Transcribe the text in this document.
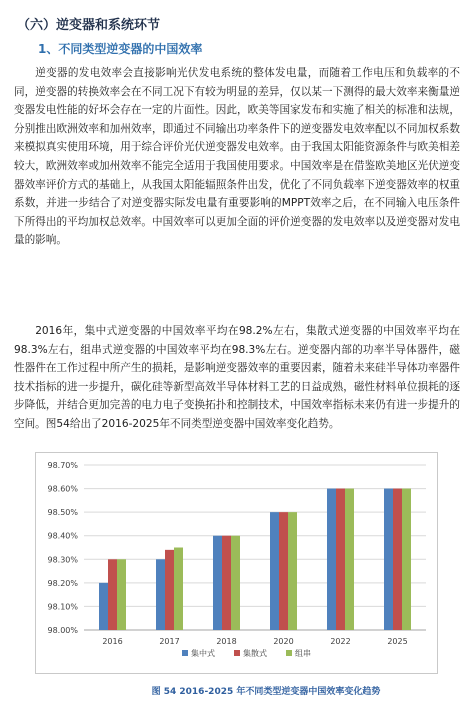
（六）逆变器和系统环节
1、不同类型逆变器的中国效率

逆变器的发电效率会直接影响光伏发电系统的整体发电量，而随着工作电压和负载率的不同，逆变器的转换效率会在不同工况下有较为明显的差异，仅以某一下测得的最大效率来衡量逆变器发电性能的好坏会存在一定的片面性。因此，欧美等国家发布和实施了相关的标准和法规，分别推出欧洲效率和加州效率，即通过不同输出功率条件下的逆变器发电效率配以不同加权系数来模拟真实使用环境，用于综合评价光伏逆变器发电效率。由于我国太阳能资源条件与欧美相差较大，欧洲效率或加州效率不能完全适用于我国使用要求。中国效率是在借鉴欧美地区光伏逆变器效率评价方式的基础上，从我国太阳能辐照条件出发，优化了不同负载率下逆变器效率的权重系数，并进一步结合了对逆变器实际发电量有重要影响的MPPT效率之后，在不同输入电压条件下所得出的平均加权总效率。中国效率可以更加全面的评价逆变器的发电效率以及逆变器对发电量的影响。

2016年，集中式逆变器的中国效率平均在98.2%左右，集散式逆变器的中国效率平均在98.3%左右，组串式逆变器的中国效率平均在98.3%左右。逆变器内部的功率半导体器件，磁性器件在工作过程中所产生的损耗，是影响逆变器效率的重要因素，随着未来硅半导体功率器件技术指标的进一步提升，碳化硅等新型高效半导体材料工艺的日益成熟，磁性材料单位损耗的逐步降低，并结合更加完善的电力电子变换拓扑和控制技术，中国效率指标未来仍有进一步提升的空间。图54给出了2016-2025年不同类型逆变器中国效率变化趋势。

98.00%
98.10%
98.20%
98.30%
98.40%
98.50%
98.60%
98.70%
2016	2017	2018	2020	2022	2025
集中式	集散式	组串
图 54 2016-2025 年不同类型逆变器中国效率变化趋势
